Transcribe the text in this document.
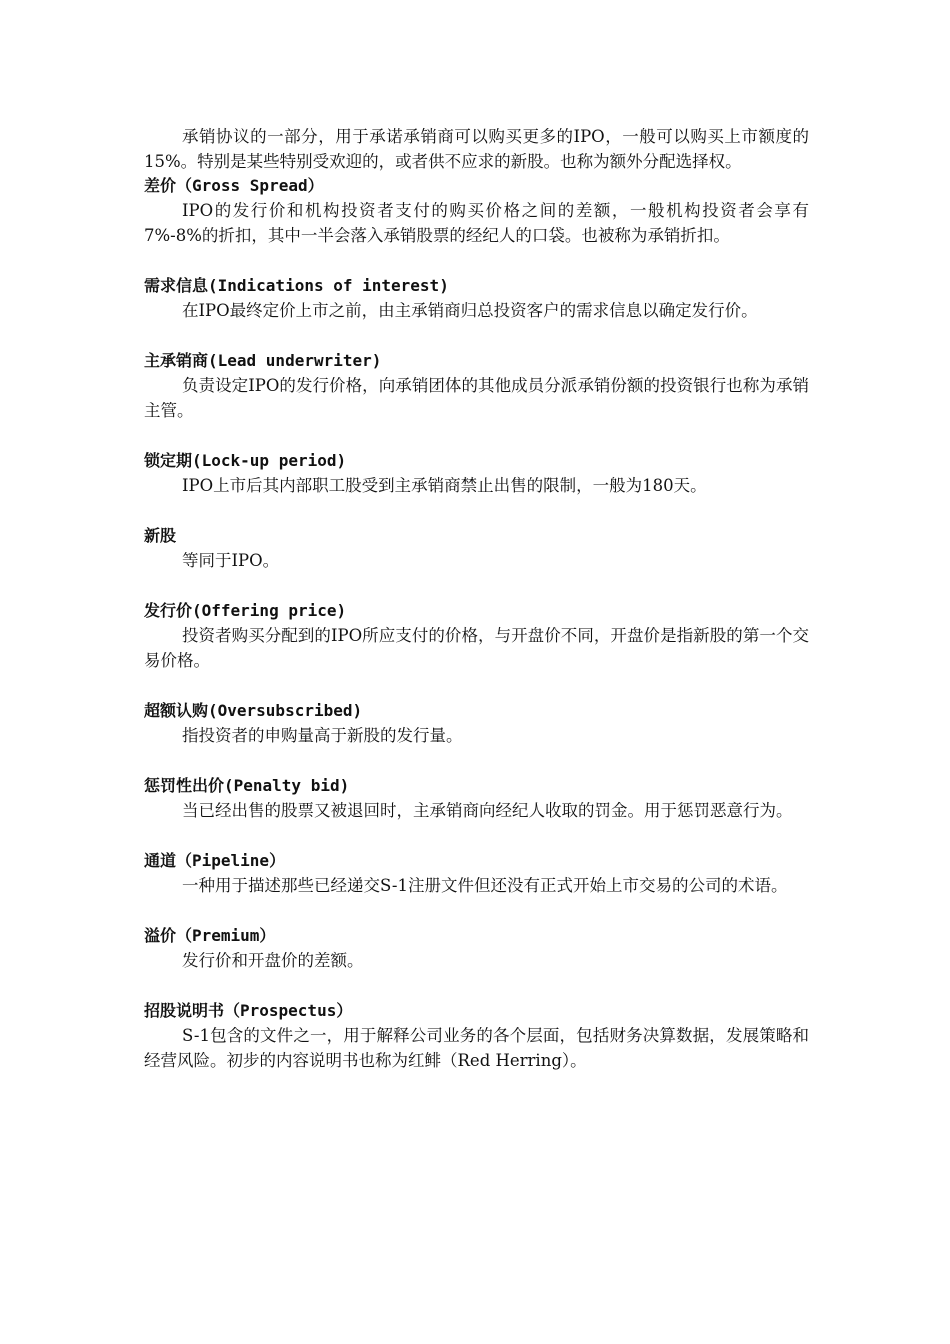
承销协议的一部分，用于承诺承销商可以购买更多的IPO，一般可以购买上市额度的15%。特别是某些特别受欢迎的，或者供不应求的新股。也称为额外分配选择权。

差价（Gross Spread）

IPO的发行价和机构投资者支付的购买价格之间的差额，一般机构投资者会享有7%-8%的折扣，其中一半会落入承销股票的经纪人的口袋。也被称为承销折扣。

需求信息(Indications of interest)

在IPO最终定价上市之前，由主承销商归总投资客户的需求信息以确定发行价。

主承销商(Lead underwriter)

负责设定IPO的发行价格，向承销团体的其他成员分派承销份额的投资银行也称为承销主管。

锁定期(Lock-up period)

IPO上市后其内部职工股受到主承销商禁止出售的限制，一般为180天。

新股

等同于IPO。

发行价(Offering price)

投资者购买分配到的IPO所应支付的价格，与开盘价不同，开盘价是指新股的第一个交易价格。

超额认购(Oversubscribed)

指投资者的申购量高于新股的发行量。

惩罚性出价(Penalty bid)

当已经出售的股票又被退回时，主承销商向经纪人收取的罚金。用于惩罚恶意行为。

通道（Pipeline）

一种用于描述那些已经递交S-1注册文件但还没有正式开始上市交易的公司的术语。

溢价（Premium）

发行价和开盘价的差额。

招股说明书（Prospectus）

S-1包含的文件之一，用于解释公司业务的各个层面，包括财务决算数据，发展策略和经营风险。初步的内容说明书也称为红鲱（Red Herring）。
